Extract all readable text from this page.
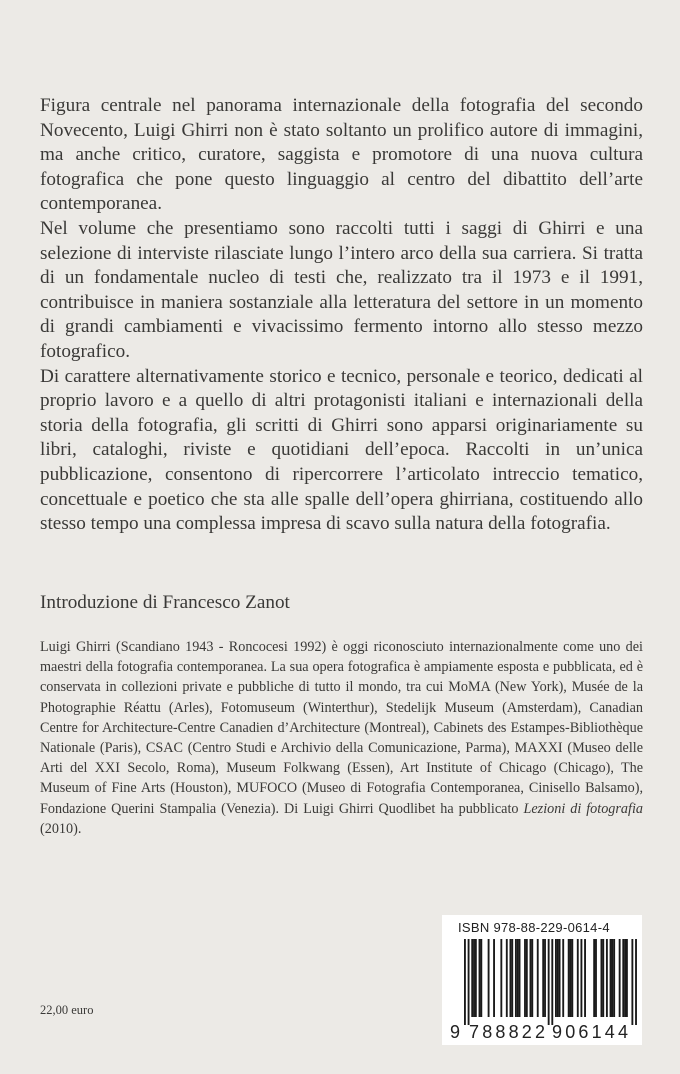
Figura centrale nel panorama internazionale della fotografia del secondo Novecento, Luigi Ghirri non è stato soltanto un prolifico autore di immagini, ma anche critico, curatore, saggista e promotore di una nuova cultura fotografica che pone questo linguaggio al centro del dibattito dell’arte contemporanea.

Nel volume che presentiamo sono raccolti tutti i saggi di Ghirri e una selezione di interviste rilasciate lungo l’intero arco della sua carriera. Si tratta di un fondamentale nucleo di testi che, realizzato tra il 1973 e il 1991, contribuisce in maniera sostanziale alla letteratura del settore in un momento di grandi cambiamenti e vivacissimo fermento intorno allo stesso mezzo fotografico.

Di carattere alternativamente storico e tecnico, personale e teorico, dedicati al proprio lavoro e a quello di altri protagonisti italiani e internazionali della storia della fotografia, gli scritti di Ghirri sono apparsi originariamente su libri, cataloghi, riviste e quotidiani dell’epoca. Raccolti in un’unica pubblicazione, consentono di ripercorrere l’articolato intreccio tematico, concettuale e poetico che sta alle spalle dell’opera ghirriana, costituendo allo stesso tempo una complessa impresa di scavo sulla natura della fotografia.

Introduzione di Francesco Zanot
Luigi Ghirri (Scandiano 1943 - Roncocesi 1992) è oggi riconosciuto internazionalmente come uno dei maestri della fotografia contemporanea. La sua opera fotografica è ampiamente esposta e pubblicata, ed è conservata in collezioni private e pubbliche di tutto il mondo, tra cui MoMA (New York), Musée de la Photographie Réattu (Arles), Fotomuseum (Winterthur), Stedelijk Museum (Amsterdam), Canadian Centre for Architecture-Centre Canadien d’Architecture (Montreal), Cabinets des Estampes-Bibliothèque Nationale (Paris), CSAC (Centro Studi e Archivio della Comunicazione, Parma), MAXXI (Museo delle Arti del XXI Secolo, Roma), Museum Folkwang (Essen), Art Institute of Chicago (Chicago), The Museum of Fine Arts (Houston), MUFOCO (Museo di Fotografia Contemporanea, Cinisello Balsamo), Fondazione Querini Stampalia (Venezia). Di Luigi Ghirri Quodlibet ha pubblicato Lezioni di fotografia (2010).
22,00 euro
ISBN 978-88-229-0614-4
9 788822 906144
